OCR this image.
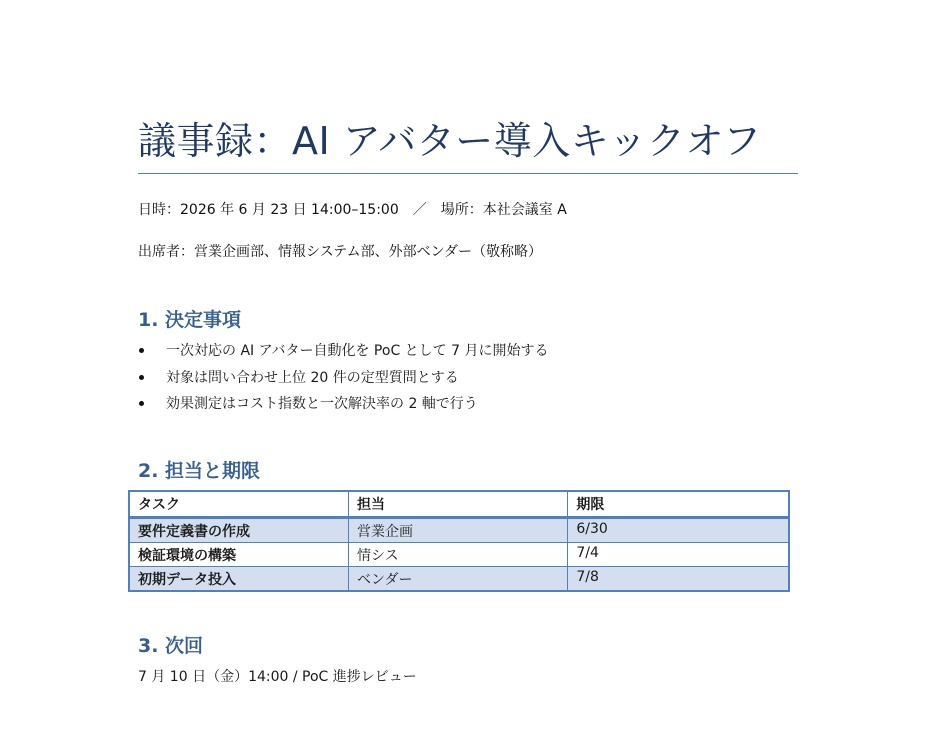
議事録：AI アバター導入キックオフ
日時：2026 年 6 月 23 日 14:00–15:00　／　場所：本社会議室 A
出席者：営業企画部、情報システム部、外部ベンダー（敬称略）
1. 決定事項
一次対応の AI アバター自動化を PoC として 7 月に開始する
対象は問い合わせ上位 20 件の定型質問とする
効果測定はコスト指数と一次解決率の 2 軸で行う
2. 担当と期限
タスク	担当	期限
要件定義書の作成	営業企画	6/30
検証環境の構築	情シス	7/4
初期データ投入	ベンダー	7/8
3. 次回
7 月 10 日（金）14:00 / PoC 進捗レビュー
